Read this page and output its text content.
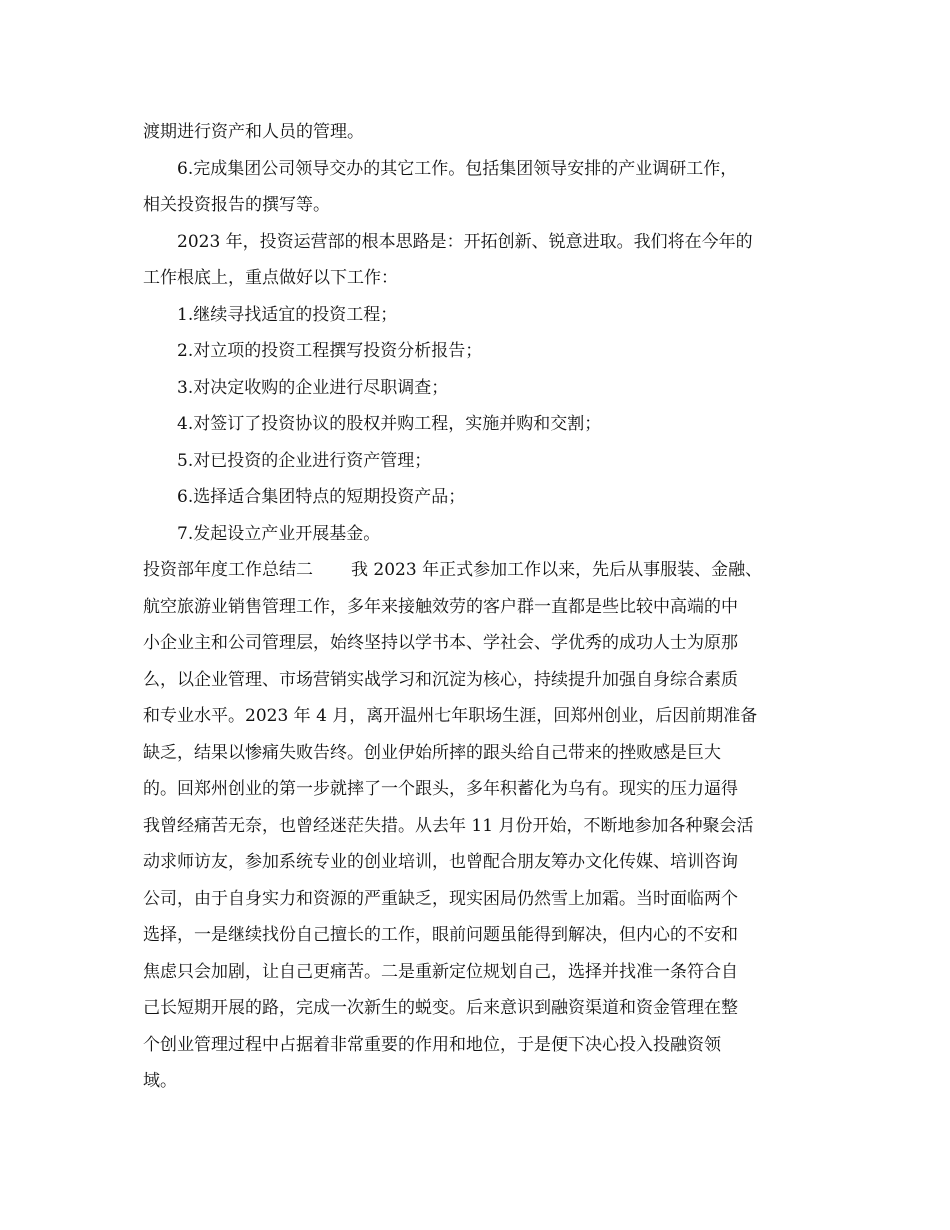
渡期进行资产和人员的管理。
6.完成集团公司领导交办的其它工作。包括集团领导安排的产业调研工作，
相关投资报告的撰写等。
2023 年，投资运营部的根本思路是：开拓创新、锐意进取。我们将在今年的
工作根底上，重点做好以下工作：
1.继续寻找适宜的投资工程；
2.对立项的投资工程撰写投资分析报告；
3.对决定收购的企业进行尽职调查；
4.对签订了投资协议的股权并购工程，实施并购和交割；
5.对已投资的企业进行资产管理；
6.选择适合集团特点的短期投资产品；
7.发起设立产业开展基金。
投资部年度工作总结二 我 2023 年正式参加工作以来，先后从事服装、金融、
航空旅游业销售管理工作，多年来接触效劳的客户群一直都是些比较中高端的中
小企业主和公司管理层，始终坚持以学书本、学社会、学优秀的成功人士为原那
么，以企业管理、市场营销实战学习和沉淀为核心，持续提升加强自身综合素质
和专业水平。2023 年 4 月，离开温州七年职场生涯，回郑州创业，后因前期准备
缺乏，结果以惨痛失败告终。创业伊始所摔的跟头给自己带来的挫败感是巨大
的。回郑州创业的第一步就摔了一个跟头，多年积蓄化为乌有。现实的压力逼得
我曾经痛苦无奈，也曾经迷茫失措。从去年 11 月份开始，不断地参加各种聚会活
动求师访友，参加系统专业的创业培训，也曾配合朋友筹办文化传媒、培训咨询
公司，由于自身实力和资源的严重缺乏，现实困局仍然雪上加霜。当时面临两个
选择，一是继续找份自己擅长的工作，眼前问题虽能得到解决，但内心的不安和
焦虑只会加剧，让自己更痛苦。二是重新定位规划自己，选择并找准一条符合自
己长短期开展的路，完成一次新生的蜕变。后来意识到融资渠道和资金管理在整
个创业管理过程中占据着非常重要的作用和地位，于是便下决心投入投融资领
域。
